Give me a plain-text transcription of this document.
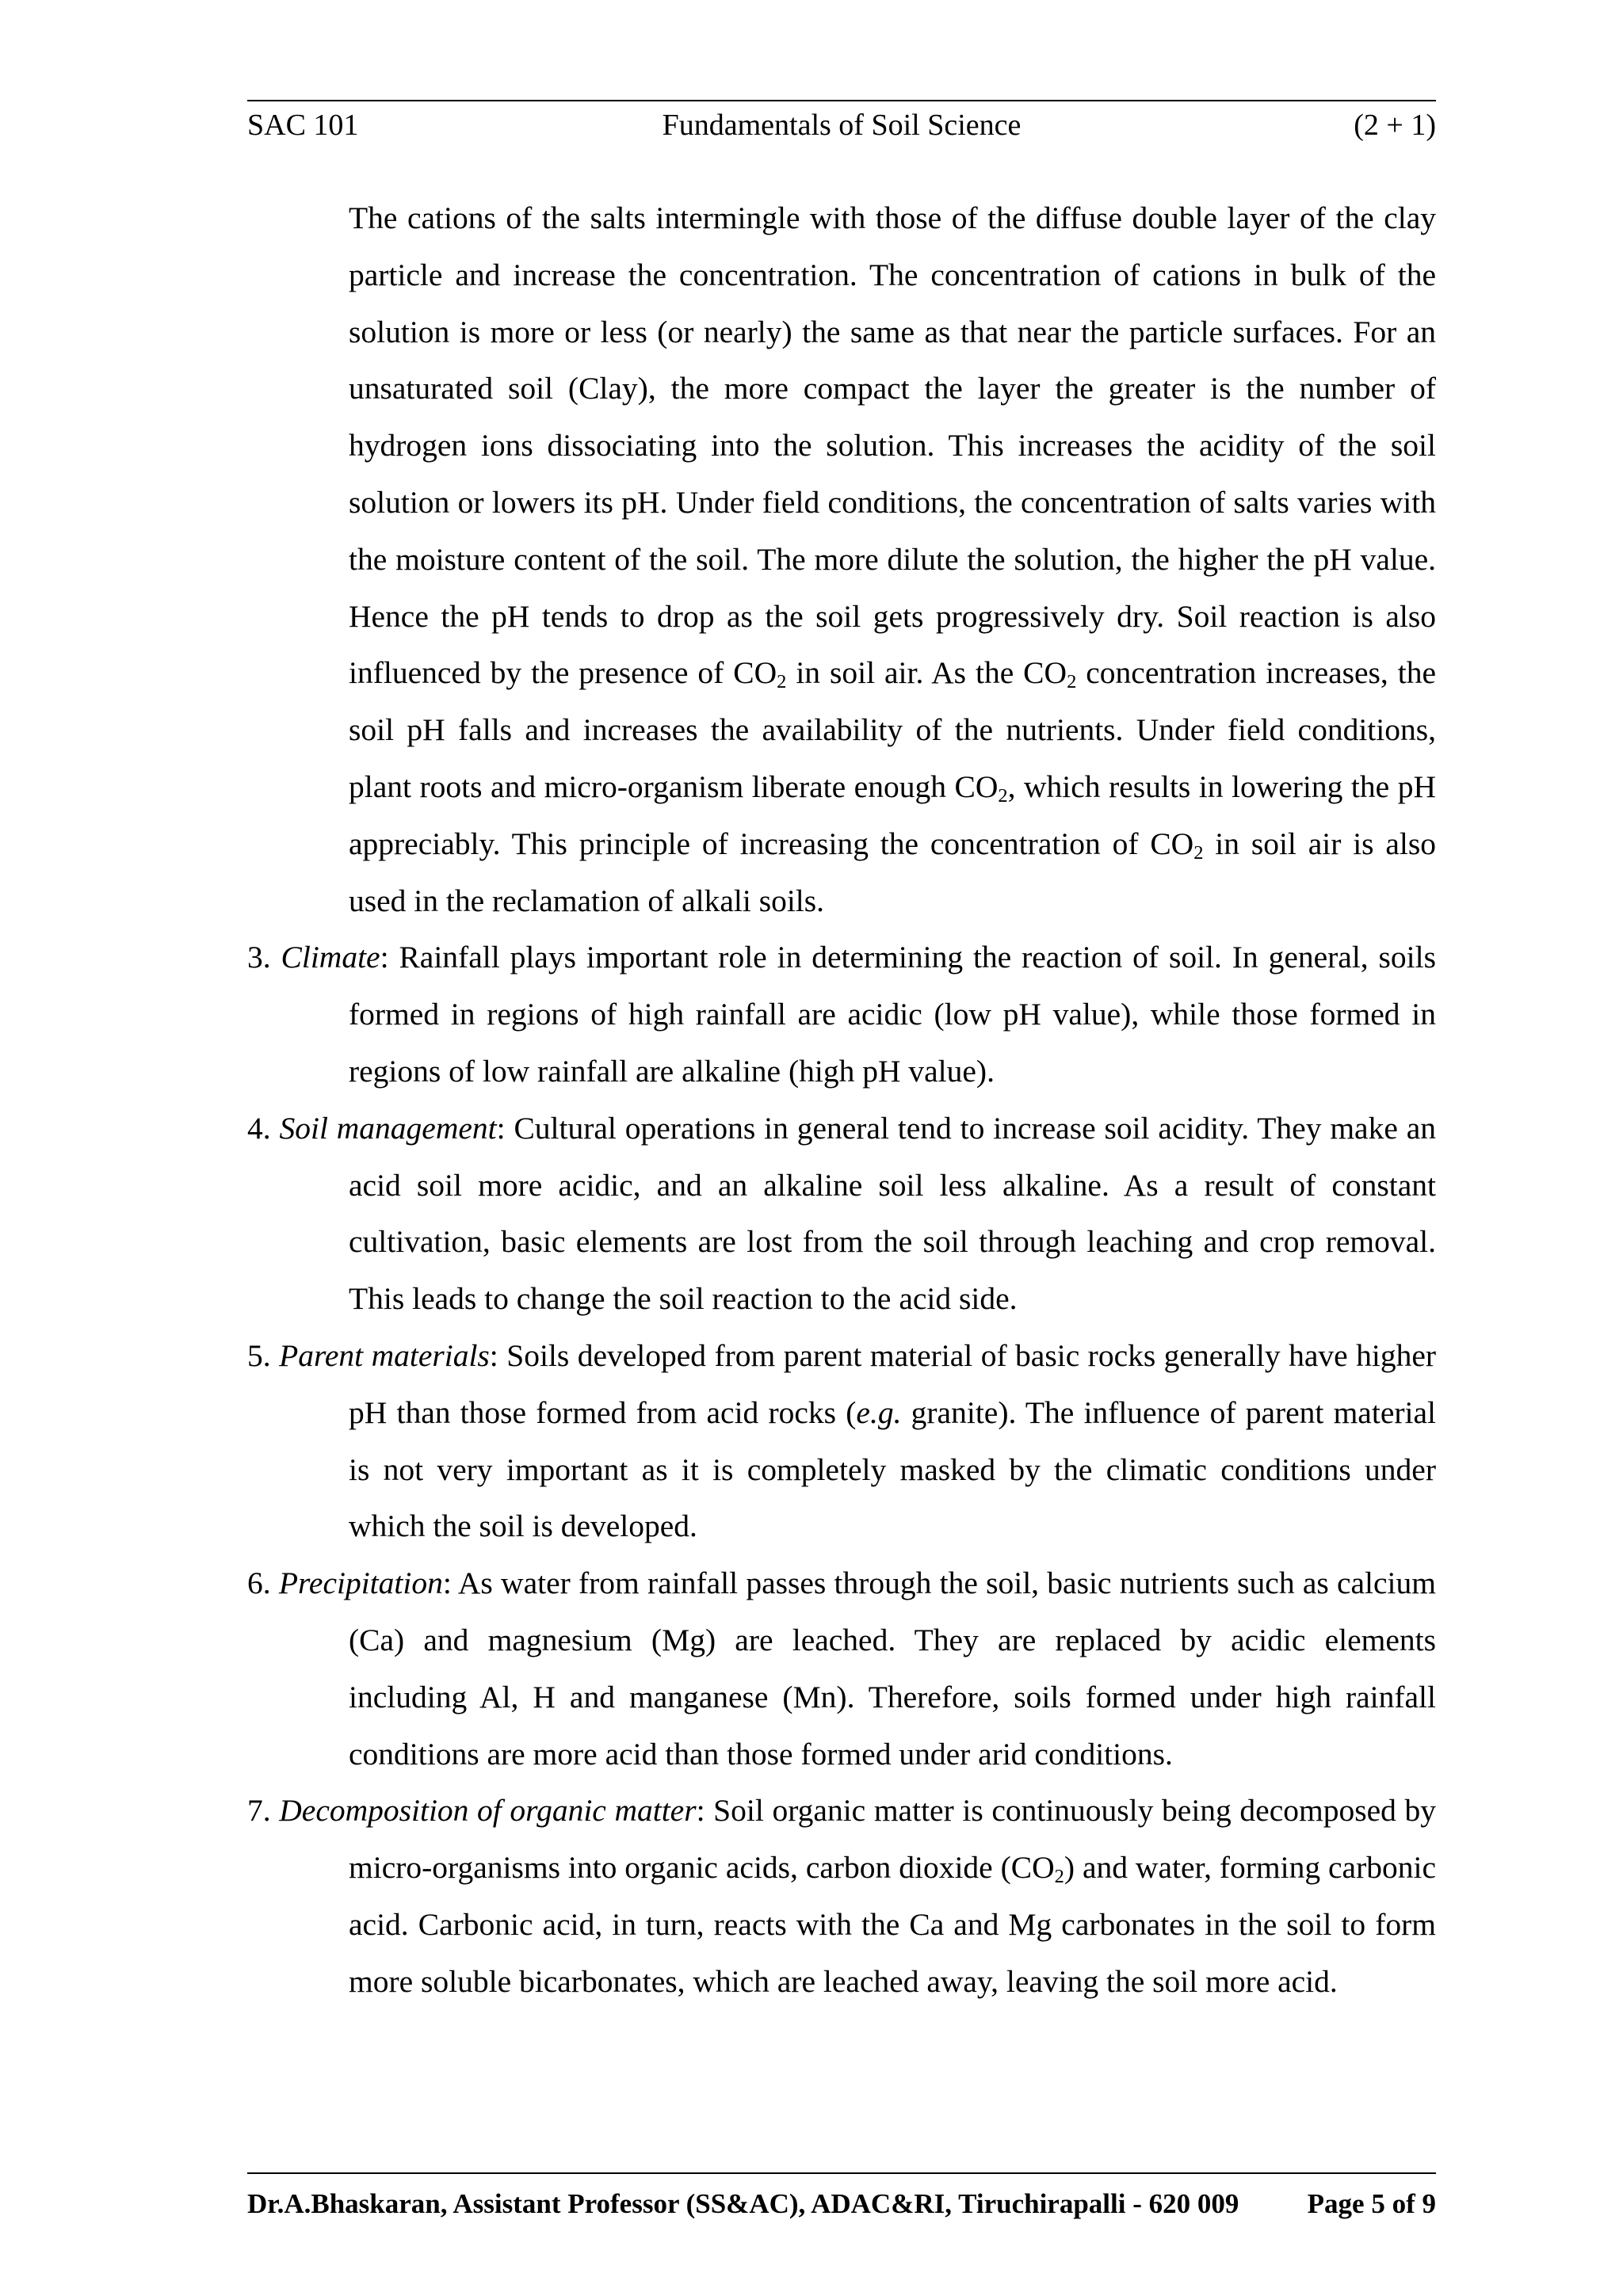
SAC 101	Fundamentals of Soil Science	(2 + 1)

The cations of the salts intermingle with those of the diffuse double layer of the clay particle and increase the concentration. The concentration of cations in bulk of the solution is more or less (or nearly) the same as that near the particle surfaces. For an unsaturated soil (Clay), the more compact the layer the greater is the number of hydrogen ions dissociating into the solution. This increases the acidity of the soil solution or lowers its pH. Under field conditions, the concentration of salts varies with the moisture content of the soil. The more dilute the solution, the higher the pH value. Hence the pH tends to drop as the soil gets progressively dry. Soil reaction is also influenced by the presence of $CO_2$ in soil air. As the $CO_2$ concentration increases, the soil pH falls and increases the availability of the nutrients. Under field conditions, plant roots and micro-organism liberate enough $CO_2$, which results in lowering the pH appreciably. This principle of increasing the concentration of $CO_2$ in soil air is also used in the reclamation of alkali soils.

3. Climate: Rainfall plays important role in determining the reaction of soil. In general, soils formed in regions of high rainfall are acidic (low pH value), while those formed in regions of low rainfall are alkaline (high pH value).

4. Soil management: Cultural operations in general tend to increase soil acidity. They make an acid soil more acidic, and an alkaline soil less alkaline. As a result of constant cultivation, basic elements are lost from the soil through leaching and crop removal. This leads to change the soil reaction to the acid side.

5. Parent materials: Soils developed from parent material of basic rocks generally have higher pH than those formed from acid rocks (e.g. granite). The influence of parent material is not very important as it is completely masked by the climatic conditions under which the soil is developed.

6. Precipitation: As water from rainfall passes through the soil, basic nutrients such as calcium (Ca) and magnesium (Mg) are leached. They are replaced by acidic elements including Al, H and manganese (Mn). Therefore, soils formed under high rainfall conditions are more acid than those formed under arid conditions.

7. Decomposition of organic matter: Soil organic matter is continuously being decomposed by micro-organisms into organic acids, carbon dioxide $(CO_2)$ and water, forming carbonic acid. Carbonic acid, in turn, reacts with the Ca and Mg carbonates in the soil to form more soluble bicarbonates, which are leached away, leaving the soil more acid.

Dr.A.Bhaskaran, Assistant Professor (SS&AC), ADAC&RI, Tiruchirapalli - 620 009 Page 5 of 9
